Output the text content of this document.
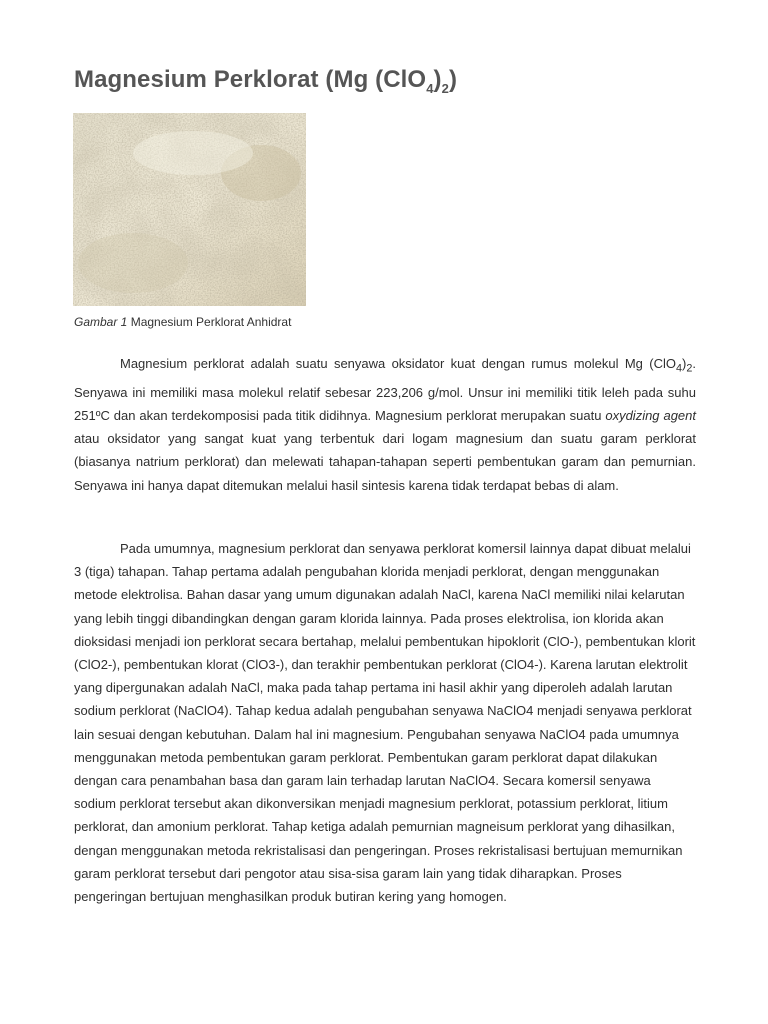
Magnesium Perklorat (Mg $(ClO_4)_2$)
Gambar 1 Magnesium Perklorat Anhidrat

Magnesium perklorat adalah suatu senyawa oksidator kuat dengan rumus molekul Mg $(ClO_4)_2$. Senyawa ini memiliki masa molekul relatif sebesar 223,206 g/mol. Unsur ini memiliki titik leleh pada suhu 251ºC dan akan terdekomposisi pada titik didihnya. Magnesium perklorat merupakan suatu oxydizing agent atau oksidator yang sangat kuat yang terbentuk dari logam magnesium dan suatu garam perklorat (biasanya natrium perklorat) dan melewati tahapan-tahapan seperti pembentukan garam dan pemurnian. Senyawa ini hanya dapat ditemukan melalui hasil sintesis karena tidak terdapat bebas di alam.

Pada umumnya, magnesium perklorat dan senyawa perklorat komersil lainnya dapat dibuat melalui 3 (tiga) tahapan. Tahap pertama adalah pengubahan klorida menjadi perklorat, dengan menggunakan metode elektrolisa. Bahan dasar yang umum digunakan adalah NaCl, karena NaCl memiliki nilai kelarutan yang lebih tinggi dibandingkan dengan garam klorida lainnya. Pada proses elektrolisa, ion klorida akan dioksidasi menjadi ion perklorat secara bertahap, melalui pembentukan hipoklorit (ClO-), pembentukan klorit (ClO2-), pembentukan klorat (ClO3-), dan terakhir pembentukan perklorat (ClO4-). Karena larutan elektrolit yang dipergunakan adalah NaCl, maka pada tahap pertama ini hasil akhir yang diperoleh adalah larutan sodium perklorat (NaClO4). Tahap kedua adalah pengubahan senyawa NaClO4 menjadi senyawa perklorat lain sesuai dengan kebutuhan. Dalam hal ini magnesium. Pengubahan senyawa NaClO4 pada umumnya menggunakan metoda pembentukan garam perklorat. Pembentukan garam perklorat dapat dilakukan dengan cara penambahan basa dan garam lain terhadap larutan NaClO4. Secara komersil senyawa sodium perklorat tersebut akan dikonversikan menjadi magnesium perklorat, potassium perklorat, litium perklorat, dan amonium perklorat. Tahap ketiga adalah pemurnian magneisum perklorat yang dihasilkan, dengan menggunakan metoda rekristalisasi dan pengeringan. Proses rekristalisasi bertujuan memurnikan garam perklorat tersebut dari pengotor atau sisa-sisa garam lain yang tidak diharapkan. Proses pengeringan bertujuan menghasilkan produk butiran kering yang homogen.
